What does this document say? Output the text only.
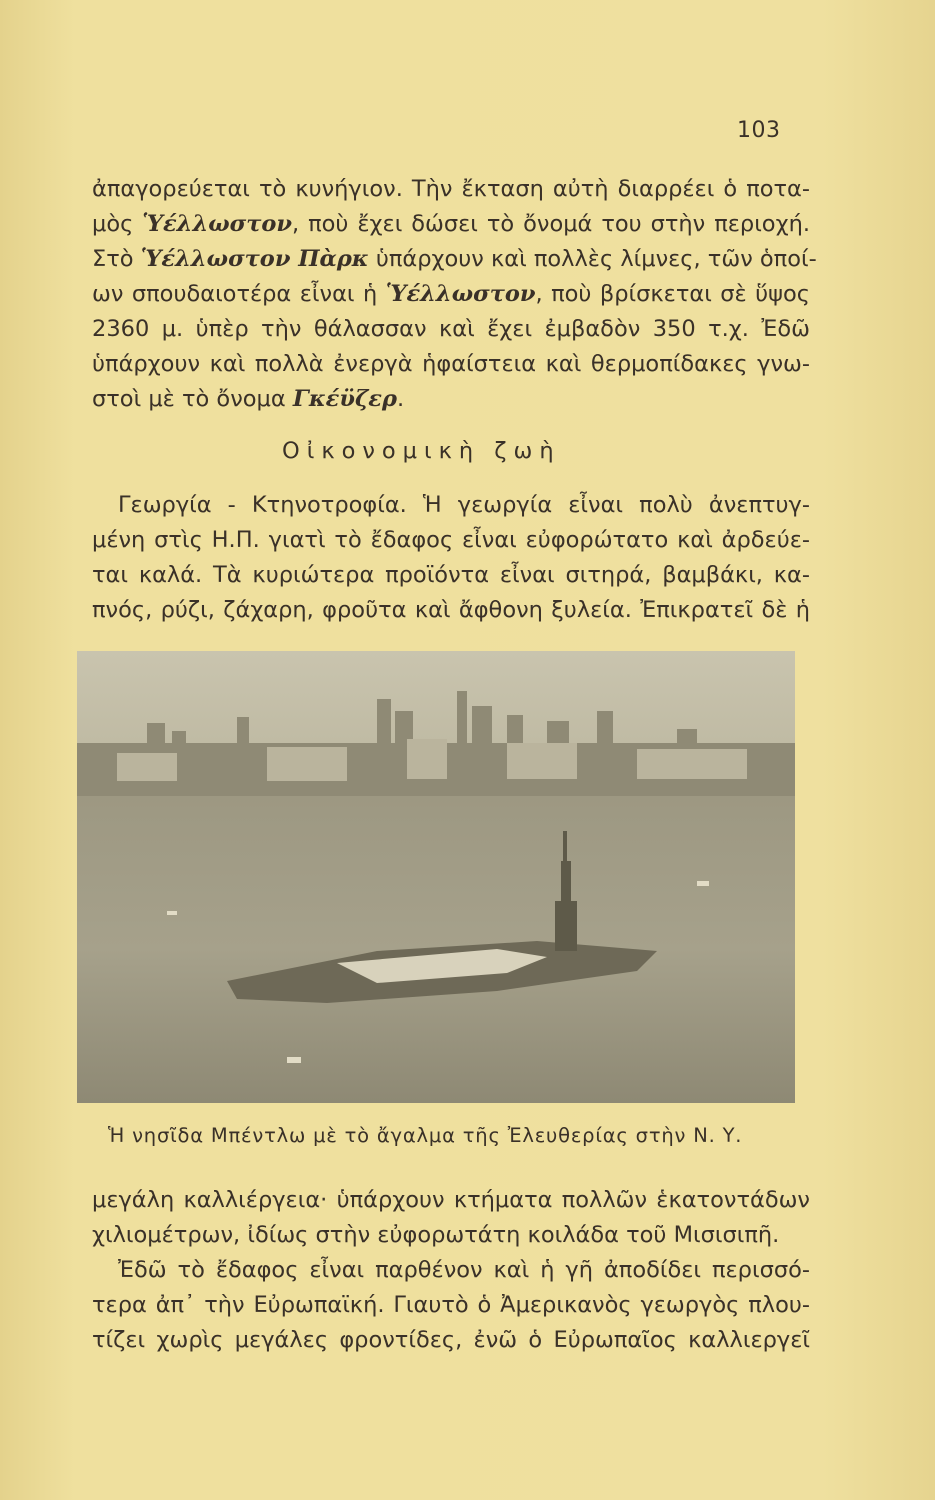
103
ἀπαγορεύεται τὸ κυνήγιον. Τὴν ἔκταση αὐτὴ διαρρέει ὁ ποτα-
μὸς Ὑέλλωστον, ποὺ ἔχει δώσει τὸ ὄνομά του στὴν περιοχή.
Στὸ Ὑέλλωστον Πὰρκ ὑπάρχουν καὶ πολλὲς λίμνες, τῶν ὁποί-
ων σπουδαιοτέρα εἶναι ἡ Ὑέλλωστον, ποὺ βρίσκεται σὲ ὕψος
2360 μ. ὑπὲρ τὴν θάλασσαν καὶ ἔχει ἐμβαδὸν 350 τ.χ. Ἐδῶ
ὑπάρχουν καὶ πολλὰ ἐνεργὰ ἡφαίστεια καὶ θερμοπίδακες γνω-
στοὶ μὲ τὸ ὄνομα Γκέϋζερ.
Οἰκονομικὴ ζωὴ
Γεωργία - Κτηνοτροφία. Ἡ γεωργία εἶναι πολὺ ἀνεπτυγ-
μένη στὶς Η.Π. γιατὶ τὸ ἔδαφος εἶναι εὐφορώτατο καὶ ἀρδεύε-
ται καλά. Τὰ κυριώτερα προϊόντα εἶναι σιτηρά, βαμβάκι, κα-
πνός, ρύζι, ζάχαρη, φροῦτα καὶ ἄφθονη ξυλεία. Ἐπικρατεῖ δὲ ἡ
Ἡ νησῖδα Μπέντλω μὲ τὸ ἄγαλμα τῆς Ἐλευθερίας στὴν Ν. Υ.
μεγάλη καλλιέργεια· ὑπάρχουν κτήματα πολλῶν ἑκατοντάδων
χιλιομέτρων, ἰδίως στὴν εὐφορωτάτη κοιλάδα τοῦ Μισισιπῆ.
Ἐδῶ τὸ ἔδαφος εἶναι παρθένον καὶ ἡ γῆ ἀποδίδει περισσό-
τερα ἀπ᾽ τὴν Εὐρωπαϊκή. Γιαυτὸ ὁ Ἀμερικανὸς γεωργὸς πλου-
τίζει χωρὶς μεγάλες φροντίδες, ἐνῶ ὁ Εὐρωπαῖος καλλιεργεῖ
